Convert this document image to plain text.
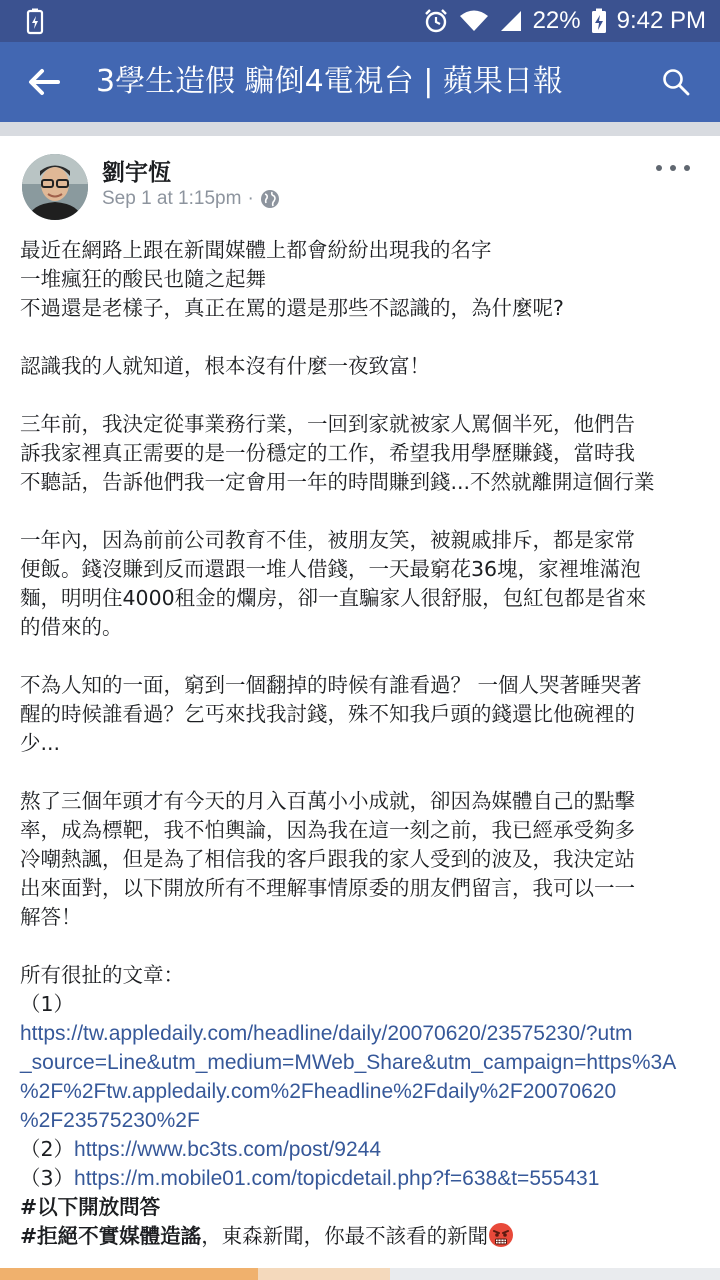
22% 9:42 PM
3學生造假 騙倒4電視台 | 蘋果日報
劉宇恆
Sep 1 at 1:15pm ·
最近在網路上跟在新聞媒體上都會紛紛出現我的名字
一堆瘋狂的酸民也隨之起舞
不過還是老樣子，真正在罵的還是那些不認識的，為什麼呢?
認識我的人就知道，根本沒有什麼一夜致富！
三年前，我決定從事業務行業，一回到家就被家人罵個半死，他們告
訴我家裡真正需要的是一份穩定的工作，希望我用學歷賺錢，當時我
不聽話，告訴他們我一定會用一年的時間賺到錢...不然就離開這個行業
一年內，因為前前公司教育不佳，被朋友笑，被親戚排斥，都是家常
便飯。錢沒賺到反而還跟一堆人借錢，一天最窮花36塊，家裡堆滿泡
麵，明明住4000租金的爛房，卻一直騙家人很舒服，包紅包都是省來
的借來的。
不為人知的一面，窮到一個翻掉的時候有誰看過？ 一個人哭著睡哭著
醒的時候誰看過？乞丐來找我討錢，殊不知我戶頭的錢還比他碗裡的
少...
熬了三個年頭才有今天的月入百萬小小成就，卻因為媒體自己的點擊
率，成為標靶，我不怕輿論，因為我在這一刻之前，我已經承受夠多
冷嘲熱諷，但是為了相信我的客戶跟我的家人受到的波及，我決定站
出來面對，以下開放所有不理解事情原委的朋友們留言，我可以一一
解答！
所有很扯的文章：
（1）
https://tw.appledaily.com/headline/daily/20070620/23575230/?utm
_source=Line&utm_medium=MWeb_Share&utm_campaign=https%3A
%2F%2Ftw.appledaily.com%2Fheadline%2Fdaily%2F20070620
%2F23575230%2F
（2）https://www.bc3ts.com/post/9244
（3）https://m.mobile01.com/topicdetail.php?f=638&t=555431
#以下開放問答
#拒絕不實媒體造謠，東森新聞，你最不該看的新聞
